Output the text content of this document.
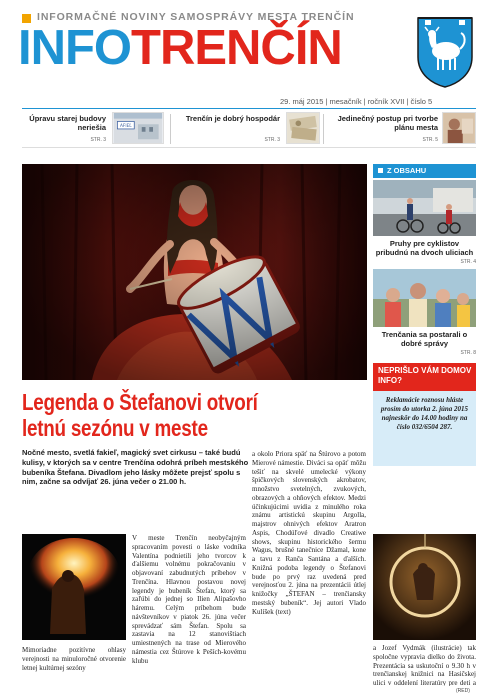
INFORMAČNÉ NOVINY SAMOSPRÁVY MESTA TRENČÍN
INFOTRENČÍN
29. máj 2015 | mesačník | ročník XVII | číslo 5
Úpravu starej budovy neriešia
STR. 3
AFIEĽ
Trenčín je dobrý hospodár
STR. 3
Jedinečný postup pri tvorbe plánu mesta
STR. 5
Z OBSAHU
Pruhy pre cyklistov pribudnú na dvoch uliciach
STR. 4
Trenčania sa postarali o dobré správy
STR. 8
NEPRIŠLO VÁM DOMOV INFO?
Reklamácie roznosu hláste prosím do utorka 2. júna 2015 najneskôr do 14.00 hodiny na číslo 032/6504 287.
Legenda o Štefanovi otvorí
letnú sezónu v meste
Nočné mesto, svetlá fakieľ, magický svet cirkusu – také budú kulisy, v ktorých sa v centre Trenčína odohrá príbeh mestského bubeníka Štefana. Divadlom jeho lásky môžete prejsť spolu s nim, začne sa odvíjať 26. júna večer o 21.00 h.
V meste Trenčín neobyčajným spracovaním povesti o láske vodníka Valentína podnietili jeho tvorcov k ďalšiemu volnému pokračovaniu v objavovaní zabudnutých príbehov v Trenčína. Hlavnou postavou novej legendy je bubeník Štefan, ktorý sa zaľúbi do jednej so Ilien Alipašovho háremu. Celým príbehom bude návštevníkov v piatok 26. júna večer sprevádzať sám Štefan. Spolu sa zastavia na 12 stanovištiach umiestnených na trase od Mierového námestia cez Štúrove k Peších-kovému klubu
a okolo Priora späť na Štúrovo a potom Mierové námestie. Diváci sa opäť môžu tešiť na skvelé umelecké výkony špičkových slovenských akrobatov, množstvo svetelných, zvukových, obrazových a ohňových efektov. Medzi účinkujúcimi uvidia z minulého roka známu artistickú skupinu Argolla, majstrov ohnivých efektov Aratron Aspis, Chodúľové divadlo Creatiwe shows, skupinu historického šermu Wagus, brušné tanečnice Džamal, kone a tavu z Ranča Santána a ďalších. Knižná podoba legendy o Štefanovi bude po prvý raz uvedená pred verejnosťou 2. júna na prezentácii útlej knižočky „ŠTEFAN – trenčiansky mestský bubeník“. Jej autori Vlado Kulíšek (text)
Mimoriadne pozitívne ohlasy verejnosti na minuloročné otvorenie letnej kultúrnej sezóny
a Jozef Vydmák (ilustrácie) tak spoločne vypravia dielko do života. Prezentácia sa uskutoční o 9.30 h v trenčianskej knižnici na Hasičskej ulici v oddelení literatúry pre deti a
(RED)
